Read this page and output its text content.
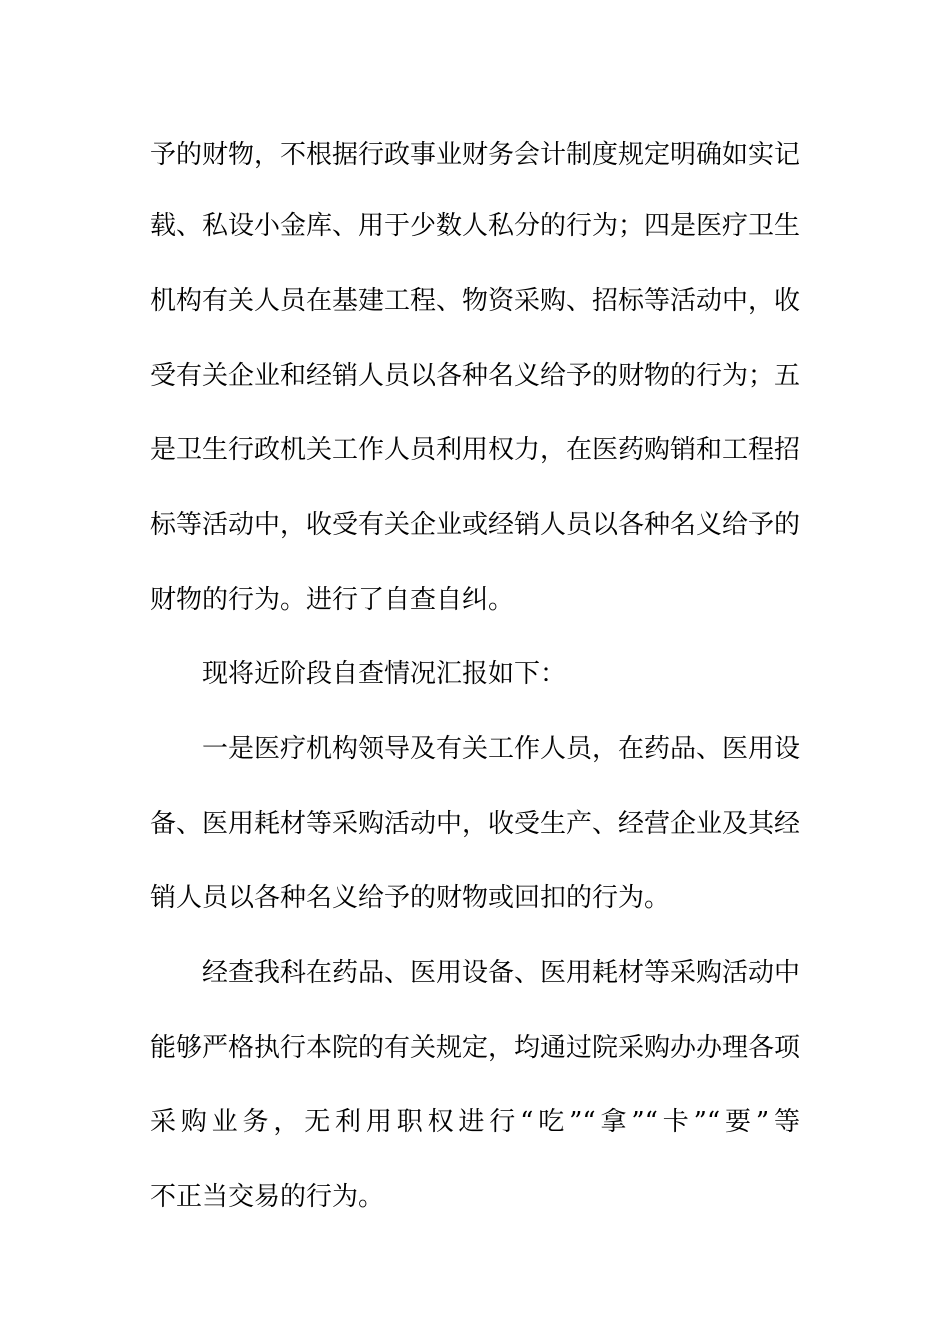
予的财物，不根据行政事业财务会计制度规定明确如实记
载、私设小金库、用于少数人私分的行为；四是医疗卫生
机构有关人员在基建工程、物资采购、招标等活动中，收
受有关企业和经销人员以各种名义给予的财物的行为；五
是卫生行政机关工作人员利用权力，在医药购销和工程招
标等活动中，收受有关企业或经销人员以各种名义给予的
财物的行为。进行了自查自纠。
现将近阶段自查情况汇报如下：
一是医疗机构领导及有关工作人员，在药品、医用设
备、医用耗材等采购活动中，收受生产、经营企业及其经
销人员以各种名义给予的财物或回扣的行为。
经查我科在药品、医用设备、医用耗材等采购活动中
能够严格执行本院的有关规定，均通过院采购办办理各项
采购业务，无利用职权进行“吃”“拿”“卡”“要”等
不正当交易的行为。
